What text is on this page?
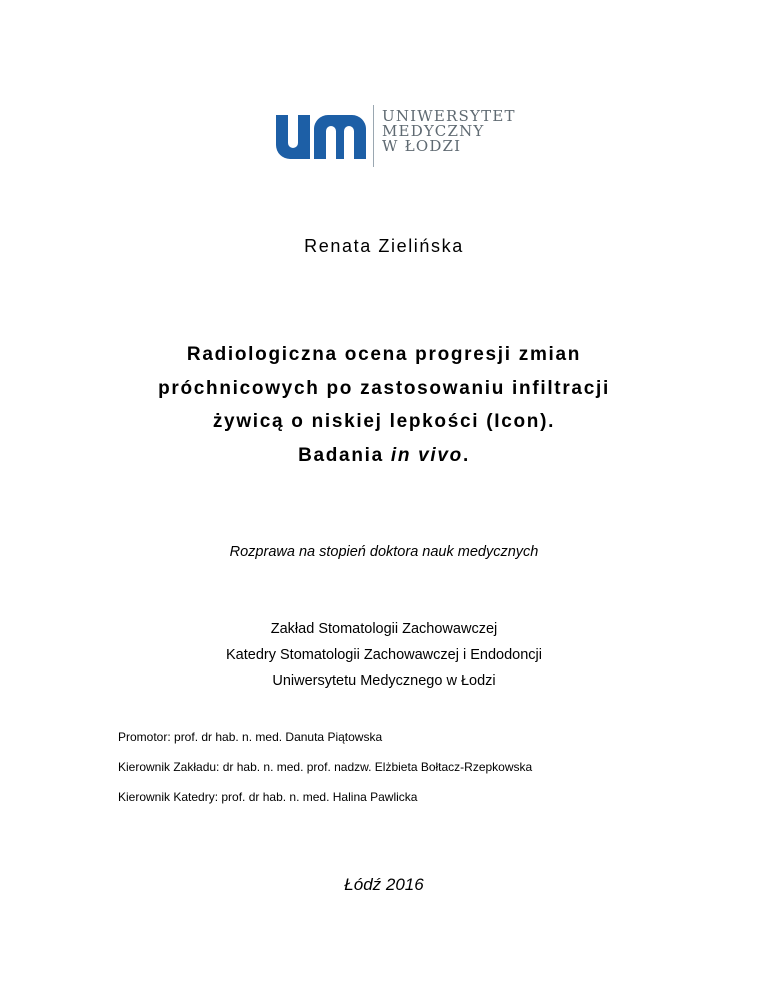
UNIWERSYTET
MEDYCZNY
W ŁODZI
Renata Zielińska
Radiologiczna ocena progresji zmian
próchnicowych po zastosowaniu infiltracji
żywicą o niskiej lepkości (Icon).
Badania in vivo.
Rozprawa na stopień doktora nauk medycznych
Zakład Stomatologii Zachowawczej
Katedry Stomatologii Zachowawczej i Endodoncji
Uniwersytetu Medycznego w Łodzi
Promotor: prof. dr hab. n. med. Danuta Piątowska
Kierownik Zakładu: dr hab. n. med. prof. nadzw. Elżbieta Bołtacz-Rzepkowska
Kierownik Katedry: prof. dr hab. n. med. Halina Pawlicka
Łódź 2016
